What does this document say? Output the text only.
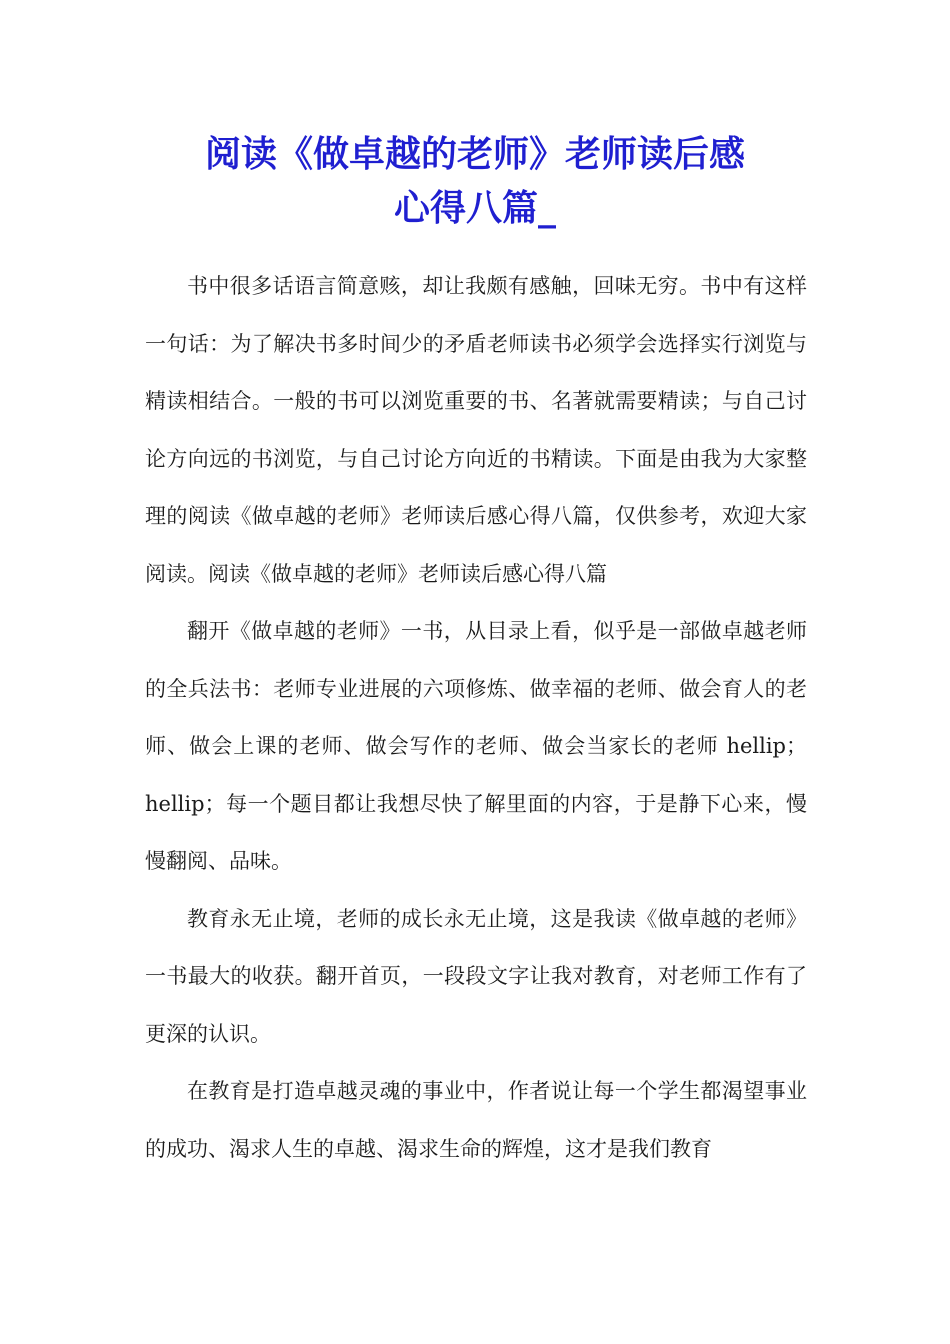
阅读《做卓越的老师》老师读后感
心得八篇_

书中很多话语言简意赅，却让我颇有感触，回味无穷。书中有这样一句话：为了解决书多时间少的矛盾老师读书必须学会选择实行浏览与精读相结合。一般的书可以浏览重要的书、名著就需要精读；与自己讨论方向远的书浏览，与自己讨论方向近的书精读。下面是由我为大家整理的阅读《做卓越的老师》老师读后感心得八篇，仅供参考，欢迎大家阅读。阅读《做卓越的老师》老师读后感心得八篇

翻开《做卓越的老师》一书，从目录上看，似乎是一部做卓越老师的全兵法书：老师专业进展的六项修炼、做幸福的老师、做会育人的老师、做会上课的老师、做会写作的老师、做会当家长的老师 hellip；hellip；每一个题目都让我想尽快了解里面的内容，于是静下心来，慢慢翻阅、品味。

教育永无止境，老师的成长永无止境，这是我读《做卓越的老师》一书最大的收获。翻开首页，一段段文字让我对教育，对老师工作有了更深的认识。

在教育是打造卓越灵魂的事业中，作者说让每一个学生都渴望事业的成功、渴求人生的卓越、渴求生命的辉煌，这才是我们教育
